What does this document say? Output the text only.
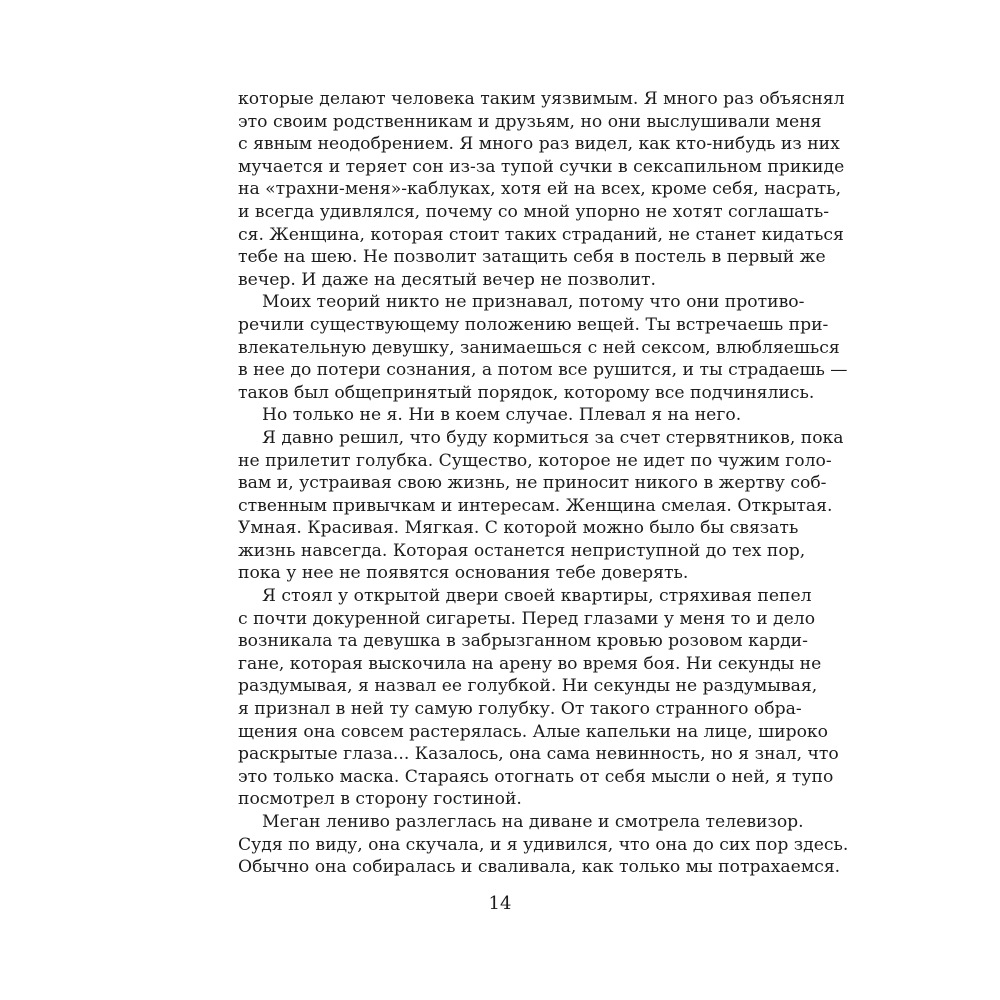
которые делают человека таким уязвимым. Я много раз объяснял
это своим родственникам и друзьям, но они выслушивали меня
с явным неодобрением. Я много раз видел, как кто-нибудь из них
мучается и теряет сон из-за тупой сучки в сексапильном прикиде
на «трахни-меня»-каблуках, хотя ей на всех, кроме себя, насрать,
и всегда удивлялся, почему со мной упорно не хотят соглашать-
ся. Женщина, которая стоит таких страданий, не станет кидаться
тебе на шею. Не позволит затащить себя в постель в первый же
вечер. И даже на десятый вечер не позволит.
Моих теорий никто не признавал, потому что они противо-
речили существующему положению вещей. Ты встречаешь при-
влекательную девушку, занимаешься с ней сексом, влюбляешься
в нее до потери сознания, а потом все рушится, и ты страдаешь —
таков был общепринятый порядок, которому все подчинялись.
Но только не я. Ни в коем случае. Плевал я на него.
Я давно решил, что буду кормиться за счет стервятников, пока
не прилетит голубка. Существо, которое не идет по чужим голо-
вам и, устраивая свою жизнь, не приносит никого в жертву соб-
ственным привычкам и интересам. Женщина смелая. Открытая.
Умная. Красивая. Мягкая. С которой можно было бы связать
жизнь навсегда. Которая останется неприступной до тех пор,
пока у нее не появятся основания тебе доверять.
Я стоял у открытой двери своей квартиры, стряхивая пепел
с почти докуренной сигареты. Перед глазами у меня то и дело
возникала та девушка в забрызганном кровью розовом карди-
гане, которая выскочила на арену во время боя. Ни секунды не
раздумывая, я назвал ее голубкой. Ни секунды не раздумывая,
я признал в ней ту самую голубку. От такого странного обра-
щения она совсем растерялась. Алые капельки на лице, широко
раскрытые глаза... Казалось, она сама невинность, но я знал, что
это только маска. Стараясь отогнать от себя мысли о ней, я тупо
посмотрел в сторону гостиной.
Меган лениво разлеглась на диване и смотрела телевизор.
Судя по виду, она скучала, и я удивился, что она до сих пор здесь.
Обычно она собиралась и сваливала, как только мы потрахаемся.
14
